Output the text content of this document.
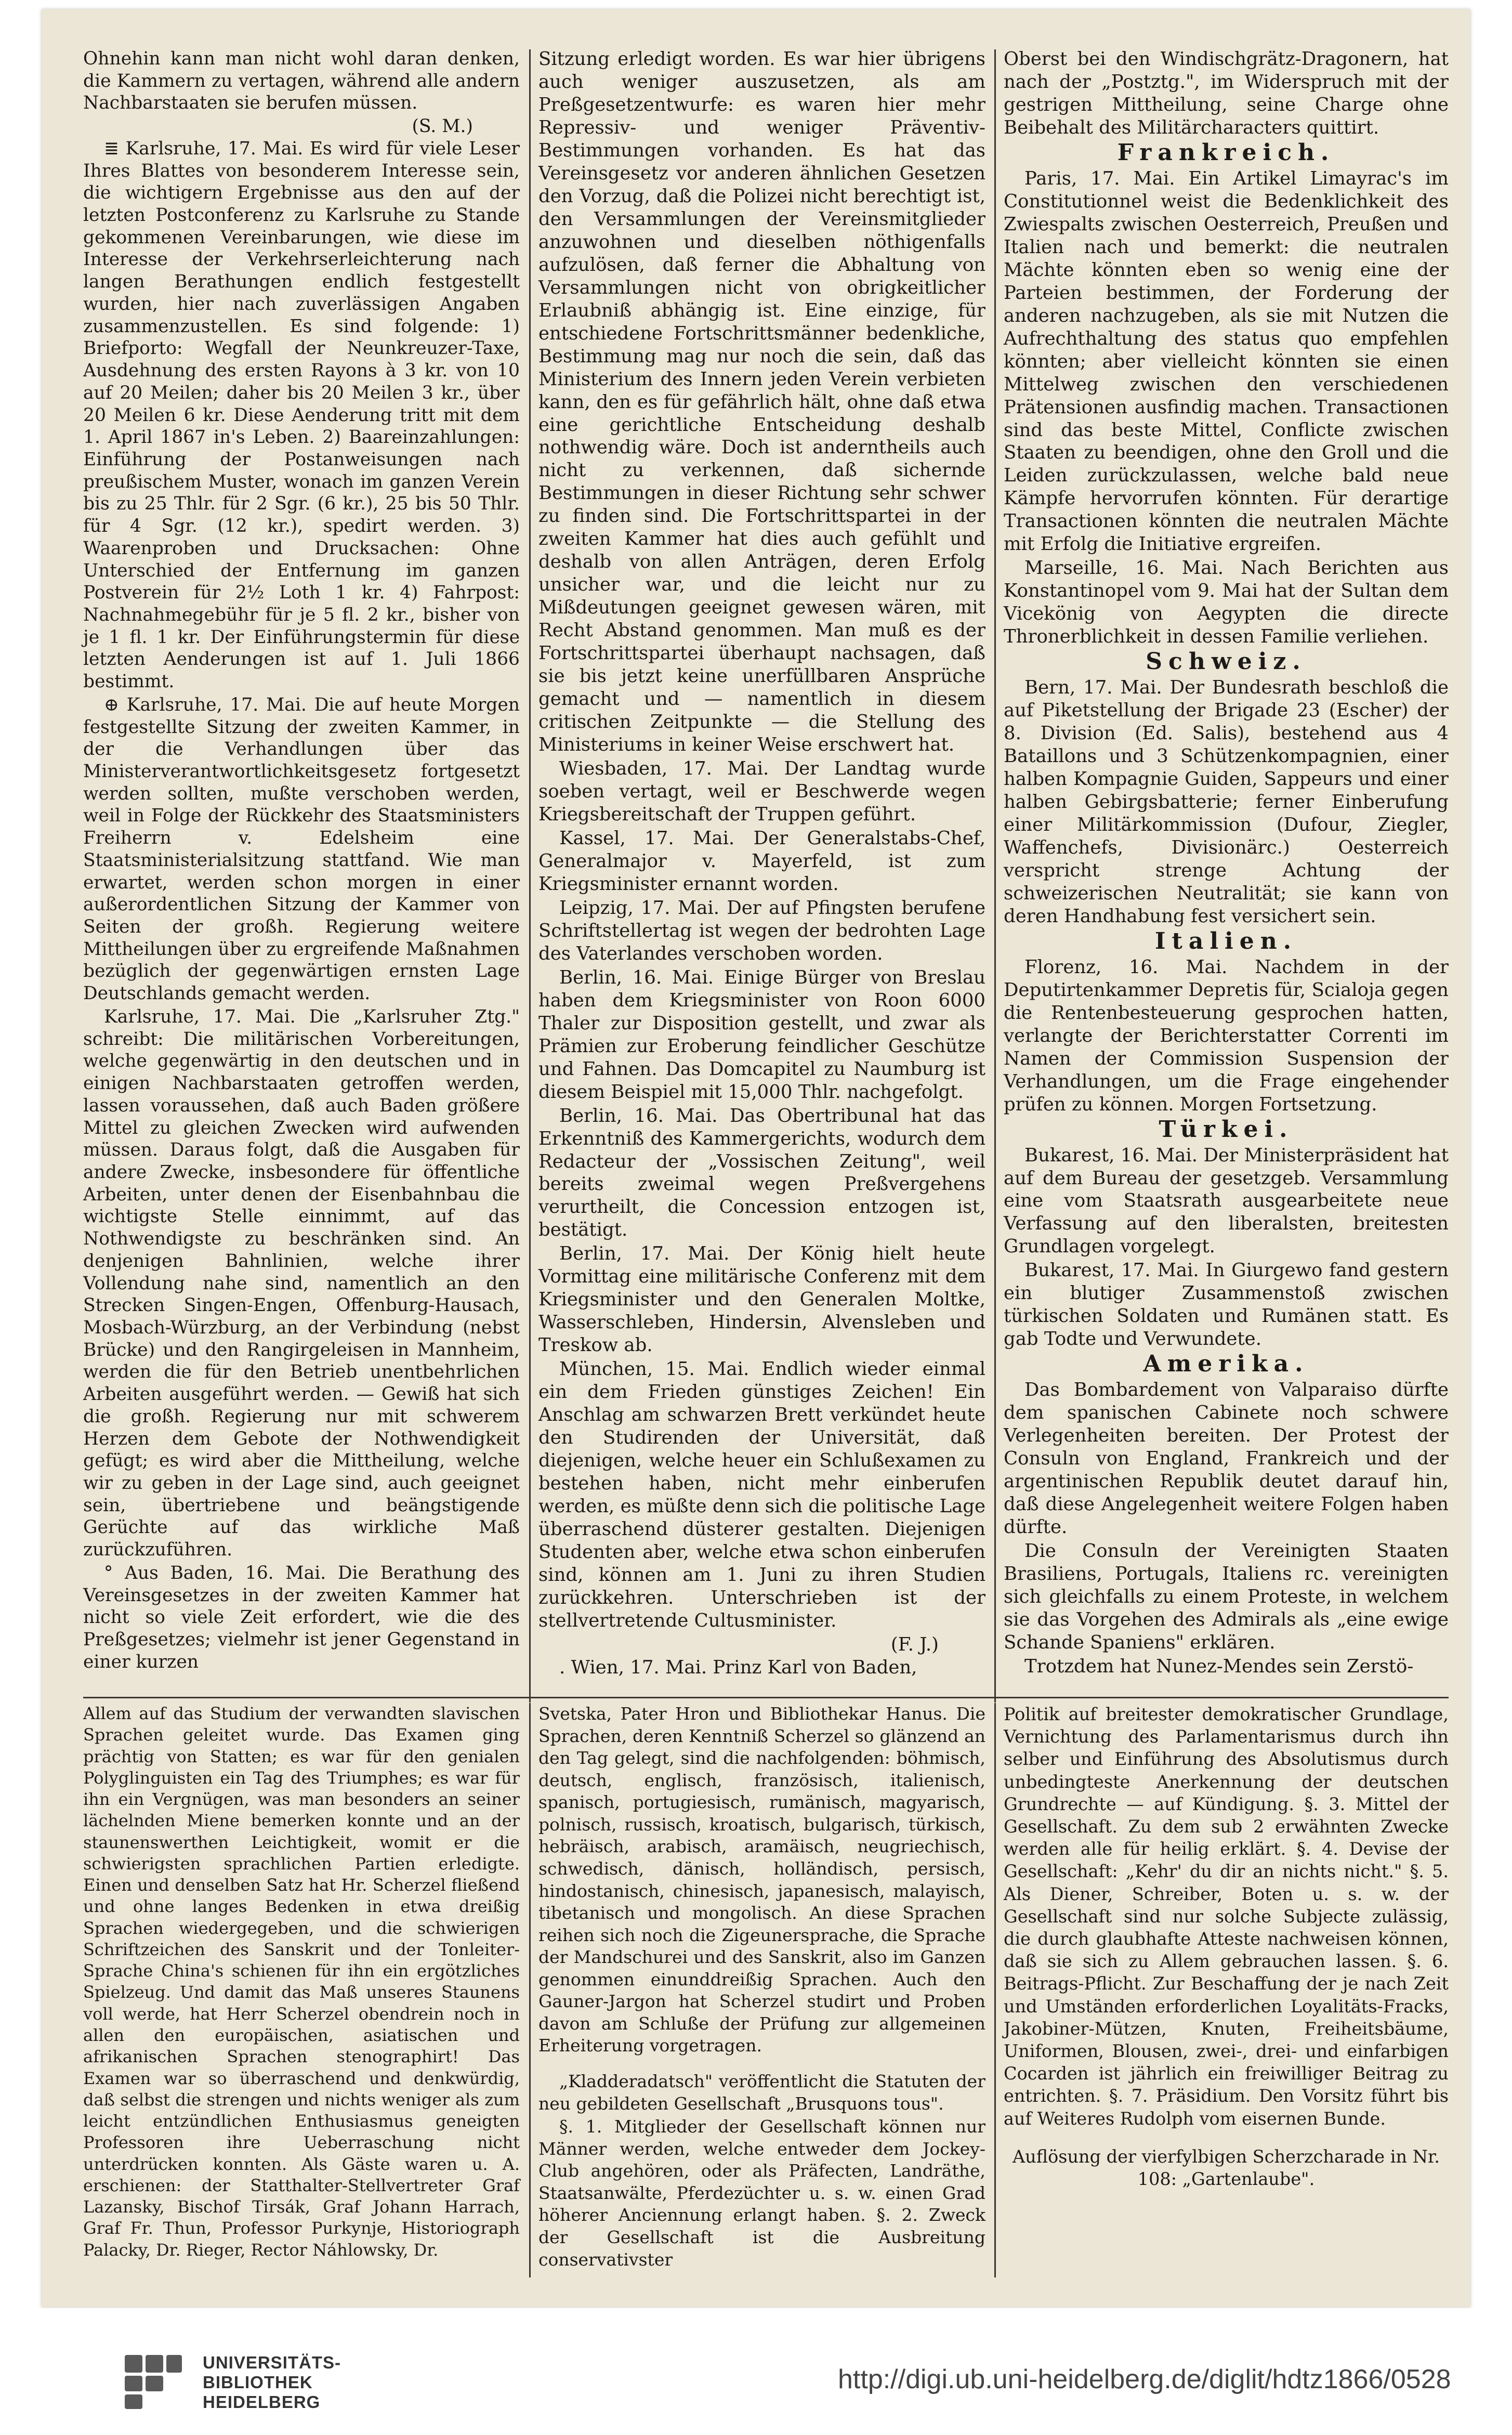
Ohnehin kann man nicht wohl daran denken, die Kammern zu vertagen, während alle andern Nachbarstaaten sie berufen müssen.

(S. M.)

≣ Karlsruhe, 17. Mai. Es wird für viele Leser Ihres Blattes von besonderem Interesse sein, die wichtigern Ergebnisse aus den auf der letzten Postconferenz zu Karlsruhe zu Stande gekommenen Vereinbarungen, wie diese im Interesse der Verkehrserleichterung nach langen Berathungen endlich festgestellt wurden, hier nach zuverlässigen Angaben zusammenzustellen. Es sind folgende: 1) Briefporto: Wegfall der Neunkreuzer-Taxe, Ausdehnung des ersten Rayons à 3 kr. von 10 auf 20 Meilen; daher bis 20 Meilen 3 kr., über 20 Meilen 6 kr. Diese Aenderung tritt mit dem 1. April 1867 in's Leben. 2) Baareinzahlungen: Einführung der Postanweisungen nach preußischem Muster, wonach im ganzen Verein bis zu 25 Thlr. für 2 Sgr. (6 kr.), 25 bis 50 Thlr. für 4 Sgr. (12 kr.), spedirt werden. 3) Waarenproben und Drucksachen: Ohne Unterschied der Entfernung im ganzen Postverein für 2½ Loth 1 kr. 4) Fahrpost: Nachnahmegebühr für je 5 fl. 2 kr., bisher von je 1 fl. 1 kr. Der Einführungstermin für diese letzten Aenderungen ist auf 1. Juli 1866 bestimmt.

⊕ Karlsruhe, 17. Mai. Die auf heute Morgen festgestellte Sitzung der zweiten Kammer, in der die Verhandlungen über das Ministerverantwortlichkeitsgesetz fortgesetzt werden sollten, mußte verschoben werden, weil in Folge der Rückkehr des Staatsministers Freiherrn v. Edelsheim eine Staatsministerialsitzung stattfand. Wie man erwartet, werden schon morgen in einer außerordentlichen Sitzung der Kammer von Seiten der großh. Regierung weitere Mittheilungen über zu ergreifende Maßnahmen bezüglich der gegenwärtigen ernsten Lage Deutschlands gemacht werden.

Karlsruhe, 17. Mai. Die „Karlsruher Ztg." schreibt: Die militärischen Vorbereitungen, welche gegenwärtig in den deutschen und in einigen Nachbarstaaten getroffen werden, lassen voraussehen, daß auch Baden größere Mittel zu gleichen Zwecken wird aufwenden müssen. Daraus folgt, daß die Ausgaben für andere Zwecke, insbesondere für öffentliche Arbeiten, unter denen der Eisenbahnbau die wichtigste Stelle einnimmt, auf das Nothwendigste zu beschränken sind. An denjenigen Bahnlinien, welche ihrer Vollendung nahe sind, namentlich an den Strecken Singen-Engen, Offenburg-Hausach, Mosbach-Würzburg, an der Verbindung (nebst Brücke) und den Rangirgeleisen in Mannheim, werden die für den Betrieb unentbehrlichen Arbeiten ausgeführt werden. — Gewiß hat sich die großh. Regierung nur mit schwerem Herzen dem Gebote der Nothwendigkeit gefügt; es wird aber die Mittheilung, welche wir zu geben in der Lage sind, auch geeignet sein, übertriebene und beängstigende Gerüchte auf das wirkliche Maß zurückzuführen.

° Aus Baden, 16. Mai. Die Berathung des Vereinsgesetzes in der zweiten Kammer hat nicht so viele Zeit erfordert, wie die des Preßgesetzes; vielmehr ist jener Gegenstand in einer kurzen

Sitzung erledigt worden. Es war hier übrigens auch weniger auszusetzen, als am Preßgesetzentwurfe: es waren hier mehr Repressiv- und weniger Präventiv-Bestimmungen vorhanden. Es hat das Vereinsgesetz vor anderen ähnlichen Gesetzen den Vorzug, daß die Polizei nicht berechtigt ist, den Versammlungen der Vereinsmitglieder anzuwohnen und dieselben nöthigenfalls aufzulösen, daß ferner die Abhaltung von Versammlungen nicht von obrigkeitlicher Erlaubniß abhängig ist. Eine einzige, für entschiedene Fortschrittsmänner bedenkliche, Bestimmung mag nur noch die sein, daß das Ministerium des Innern jeden Verein verbieten kann, den es für gefährlich hält, ohne daß etwa eine gerichtliche Entscheidung deshalb nothwendig wäre. Doch ist anderntheils auch nicht zu verkennen, daß sichernde Bestimmungen in dieser Richtung sehr schwer zu finden sind. Die Fortschrittspartei in der zweiten Kammer hat dies auch gefühlt und deshalb von allen Anträgen, deren Erfolg unsicher war, und die leicht nur zu Mißdeutungen geeignet gewesen wären, mit Recht Abstand genommen. Man muß es der Fortschrittspartei überhaupt nachsagen, daß sie bis jetzt keine unerfüllbaren Ansprüche gemacht und — namentlich in diesem critischen Zeitpunkte — die Stellung des Ministeriums in keiner Weise erschwert hat.

Wiesbaden, 17. Mai. Der Landtag wurde soeben vertagt, weil er Beschwerde wegen Kriegsbereitschaft der Truppen geführt.

Kassel, 17. Mai. Der Generalstabs-Chef, Generalmajor v. Mayerfeld, ist zum Kriegsminister ernannt worden.

Leipzig, 17. Mai. Der auf Pfingsten berufene Schriftstellertag ist wegen der bedrohten Lage des Vaterlandes verschoben worden.

Berlin, 16. Mai. Einige Bürger von Breslau haben dem Kriegsminister von Roon 6000 Thaler zur Disposition gestellt, und zwar als Prämien zur Eroberung feindlicher Geschütze und Fahnen. Das Domcapitel zu Naumburg ist diesem Beispiel mit 15,000 Thlr. nachgefolgt.

Berlin, 16. Mai. Das Obertribunal hat das Erkenntniß des Kammergerichts, wodurch dem Redacteur der „Vossischen Zeitung", weil bereits zweimal wegen Preßvergehens verurtheilt, die Concession entzogen ist, bestätigt.

Berlin, 17. Mai. Der König hielt heute Vormittag eine militärische Conferenz mit dem Kriegsminister und den Generalen Moltke, Wasserschleben, Hindersin, Alvensleben und Treskow ab.

München, 15. Mai. Endlich wieder einmal ein dem Frieden günstiges Zeichen! Ein Anschlag am schwarzen Brett verkündet heute den Studirenden der Universität, daß diejenigen, welche heuer ein Schlußexamen zu bestehen haben, nicht mehr einberufen werden, es müßte denn sich die politische Lage überraschend düsterer gestalten. Diejenigen Studenten aber, welche etwa schon einberufen sind, können am 1. Juni zu ihren Studien zurückkehren. Unterschrieben ist der stellvertretende Cultusminister.

(F. J.)

. Wien, 17. Mai. Prinz Karl von Baden,

Oberst bei den Windischgrätz-Dragonern, hat nach der „Postztg.", im Widerspruch mit der gestrigen Mittheilung, seine Charge ohne Beibehalt des Militärcharacters quittirt.

Frankreich.

Paris, 17. Mai. Ein Artikel Limayrac's im Constitutionnel weist die Bedenklichkeit des Zwiespalts zwischen Oesterreich, Preußen und Italien nach und bemerkt: die neutralen Mächte könnten eben so wenig eine der Parteien bestimmen, der Forderung der anderen nachzugeben, als sie mit Nutzen die Aufrechthaltung des status quo empfehlen könnten; aber vielleicht könnten sie einen Mittelweg zwischen den verschiedenen Prätensionen ausfindig machen. Transactionen sind das beste Mittel, Conflicte zwischen Staaten zu beendigen, ohne den Groll und die Leiden zurückzulassen, welche bald neue Kämpfe hervorrufen könnten. Für derartige Transactionen könnten die neutralen Mächte mit Erfolg die Initiative ergreifen.

Marseille, 16. Mai. Nach Berichten aus Konstantinopel vom 9. Mai hat der Sultan dem Vicekönig von Aegypten die directe Thronerblichkeit in dessen Familie verliehen.

Schweiz.

Bern, 17. Mai. Der Bundesrath beschloß die auf Piketstellung der Brigade 23 (Escher) der 8. Division (Ed. Salis), bestehend aus 4 Bataillons und 3 Schützenkompagnien, einer halben Kompagnie Guiden, Sappeurs und einer halben Gebirgsbatterie; ferner Einberufung einer Militärkommission (Dufour, Ziegler, Waffenchefs, Divisionärc.) Oesterreich verspricht strenge Achtung der schweizerischen Neutralität; sie kann von deren Handhabung fest versichert sein.

Italien.

Florenz, 16. Mai. Nachdem in der Deputirtenkammer Depretis für, Scialoja gegen die Rentenbesteuerung gesprochen hatten, verlangte der Berichterstatter Correnti im Namen der Commission Suspension der Verhandlungen, um die Frage eingehender prüfen zu können. Morgen Fortsetzung.

Türkei.

Bukarest, 16. Mai. Der Ministerpräsident hat auf dem Bureau der gesetzgeb. Versammlung eine vom Staatsrath ausgearbeitete neue Verfassung auf den liberalsten, breitesten Grundlagen vorgelegt.

Bukarest, 17. Mai. In Giurgewo fand gestern ein blutiger Zusammenstoß zwischen türkischen Soldaten und Rumänen statt. Es gab Todte und Verwundete.

Amerika.

Das Bombardement von Valparaiso dürfte dem spanischen Cabinete noch schwere Verlegenheiten bereiten. Der Protest der Consuln von England, Frankreich und der argentinischen Republik deutet darauf hin, daß diese Angelegenheit weitere Folgen haben dürfte.

Die Consuln der Vereinigten Staaten Brasiliens, Portugals, Italiens rc. vereinigten sich gleichfalls zu einem Proteste, in welchem sie das Vorgehen des Admirals als „eine ewige Schande Spaniens" erklären.

Trotzdem hat Nunez-Mendes sein Zerstö-

Allem auf das Studium der verwandten slavischen Sprachen geleitet wurde. Das Examen ging prächtig von Statten; es war für den genialen Polyglinguisten ein Tag des Triumphes; es war für ihn ein Vergnügen, was man besonders an seiner lächelnden Miene bemerken konnte und an der staunenswerthen Leichtigkeit, womit er die schwierigsten sprachlichen Partien erledigte. Einen und denselben Satz hat Hr. Scherzel fließend und ohne langes Bedenken in etwa dreißig Sprachen wiedergegeben, und die schwierigen Schriftzeichen des Sanskrit und der Tonleiter-Sprache China's schienen für ihn ein ergötzliches Spielzeug. Und damit das Maß unseres Staunens voll werde, hat Herr Scherzel obendrein noch in allen den europäischen, asiatischen und afrikanischen Sprachen stenographirt! Das Examen war so überraschend und denkwürdig, daß selbst die strengen und nichts weniger als zum leicht entzündlichen Enthusiasmus geneigten Professoren ihre Ueberraschung nicht unterdrücken konnten. Als Gäste waren u. A. erschienen: der Statthalter-Stellvertreter Graf Lazansky, Bischof Tirsák, Graf Johann Harrach, Graf Fr. Thun, Professor Purkynje, Historiograph Palacky, Dr. Rieger, Rector Náhlowsky, Dr.

Svetska, Pater Hron und Bibliothekar Hanus. Die Sprachen, deren Kenntniß Scherzel so glänzend an den Tag gelegt, sind die nachfolgenden: böhmisch, deutsch, englisch, französisch, italienisch, spanisch, portugiesisch, rumänisch, magyarisch, polnisch, russisch, kroatisch, bulgarisch, türkisch, hebräisch, arabisch, aramäisch, neugriechisch, schwedisch, dänisch, holländisch, persisch, hindostanisch, chinesisch, japanesisch, malayisch, tibetanisch und mongolisch. An diese Sprachen reihen sich noch die Zigeunersprache, die Sprache der Mandschurei und des Sanskrit, also im Ganzen genommen einunddreißig Sprachen. Auch den Gauner-Jargon hat Scherzel studirt und Proben davon am Schluße der Prüfung zur allgemeinen Erheiterung vorgetragen.

„Kladderadatsch" veröffentlicht die Statuten der neu gebildeten Gesellschaft „Brusquons tous".

§. 1. Mitglieder der Gesellschaft können nur Männer werden, welche entweder dem Jockey-Club angehören, oder als Präfecten, Landräthe, Staatsanwälte, Pferdezüchter u. s. w. einen Grad höherer Anciennung erlangt haben. §. 2. Zweck der Gesellschaft ist die Ausbreitung conservativster

Politik auf breitester demokratischer Grundlage, Vernichtung des Parlamentarismus durch ihn selber und Einführung des Absolutismus durch unbedingteste Anerkennung der deutschen Grundrechte — auf Kündigung. §. 3. Mittel der Gesellschaft. Zu dem sub 2 erwähnten Zwecke werden alle für heilig erklärt. §. 4. Devise der Gesellschaft: „Kehr' du dir an nichts nicht." §. 5. Als Diener, Schreiber, Boten u. s. w. der Gesellschaft sind nur solche Subjecte zulässig, die durch glaubhafte Atteste nachweisen können, daß sie sich zu Allem gebrauchen lassen. §. 6. Beitrags-Pflicht. Zur Beschaffung der je nach Zeit und Umständen erforderlichen Loyalitäts-Fracks, Jakobiner-Mützen, Knuten, Freiheitsbäume, Uniformen, Blousen, zwei-, drei- und einfarbigen Cocarden ist jährlich ein freiwilliger Beitrag zu entrichten. §. 7. Präsidium. Den Vorsitz führt bis auf Weiteres Rudolph vom eisernen Bunde.

Auflösung der vierfylbigen Scherzcharade in Nr. 108: „Gartenlaube".

UNIVERSITÄTS-
BIBLIOTHEK
HEIDELBERG
http://digi.ub.uni-heidelberg.de/diglit/hdtz1866/0528
